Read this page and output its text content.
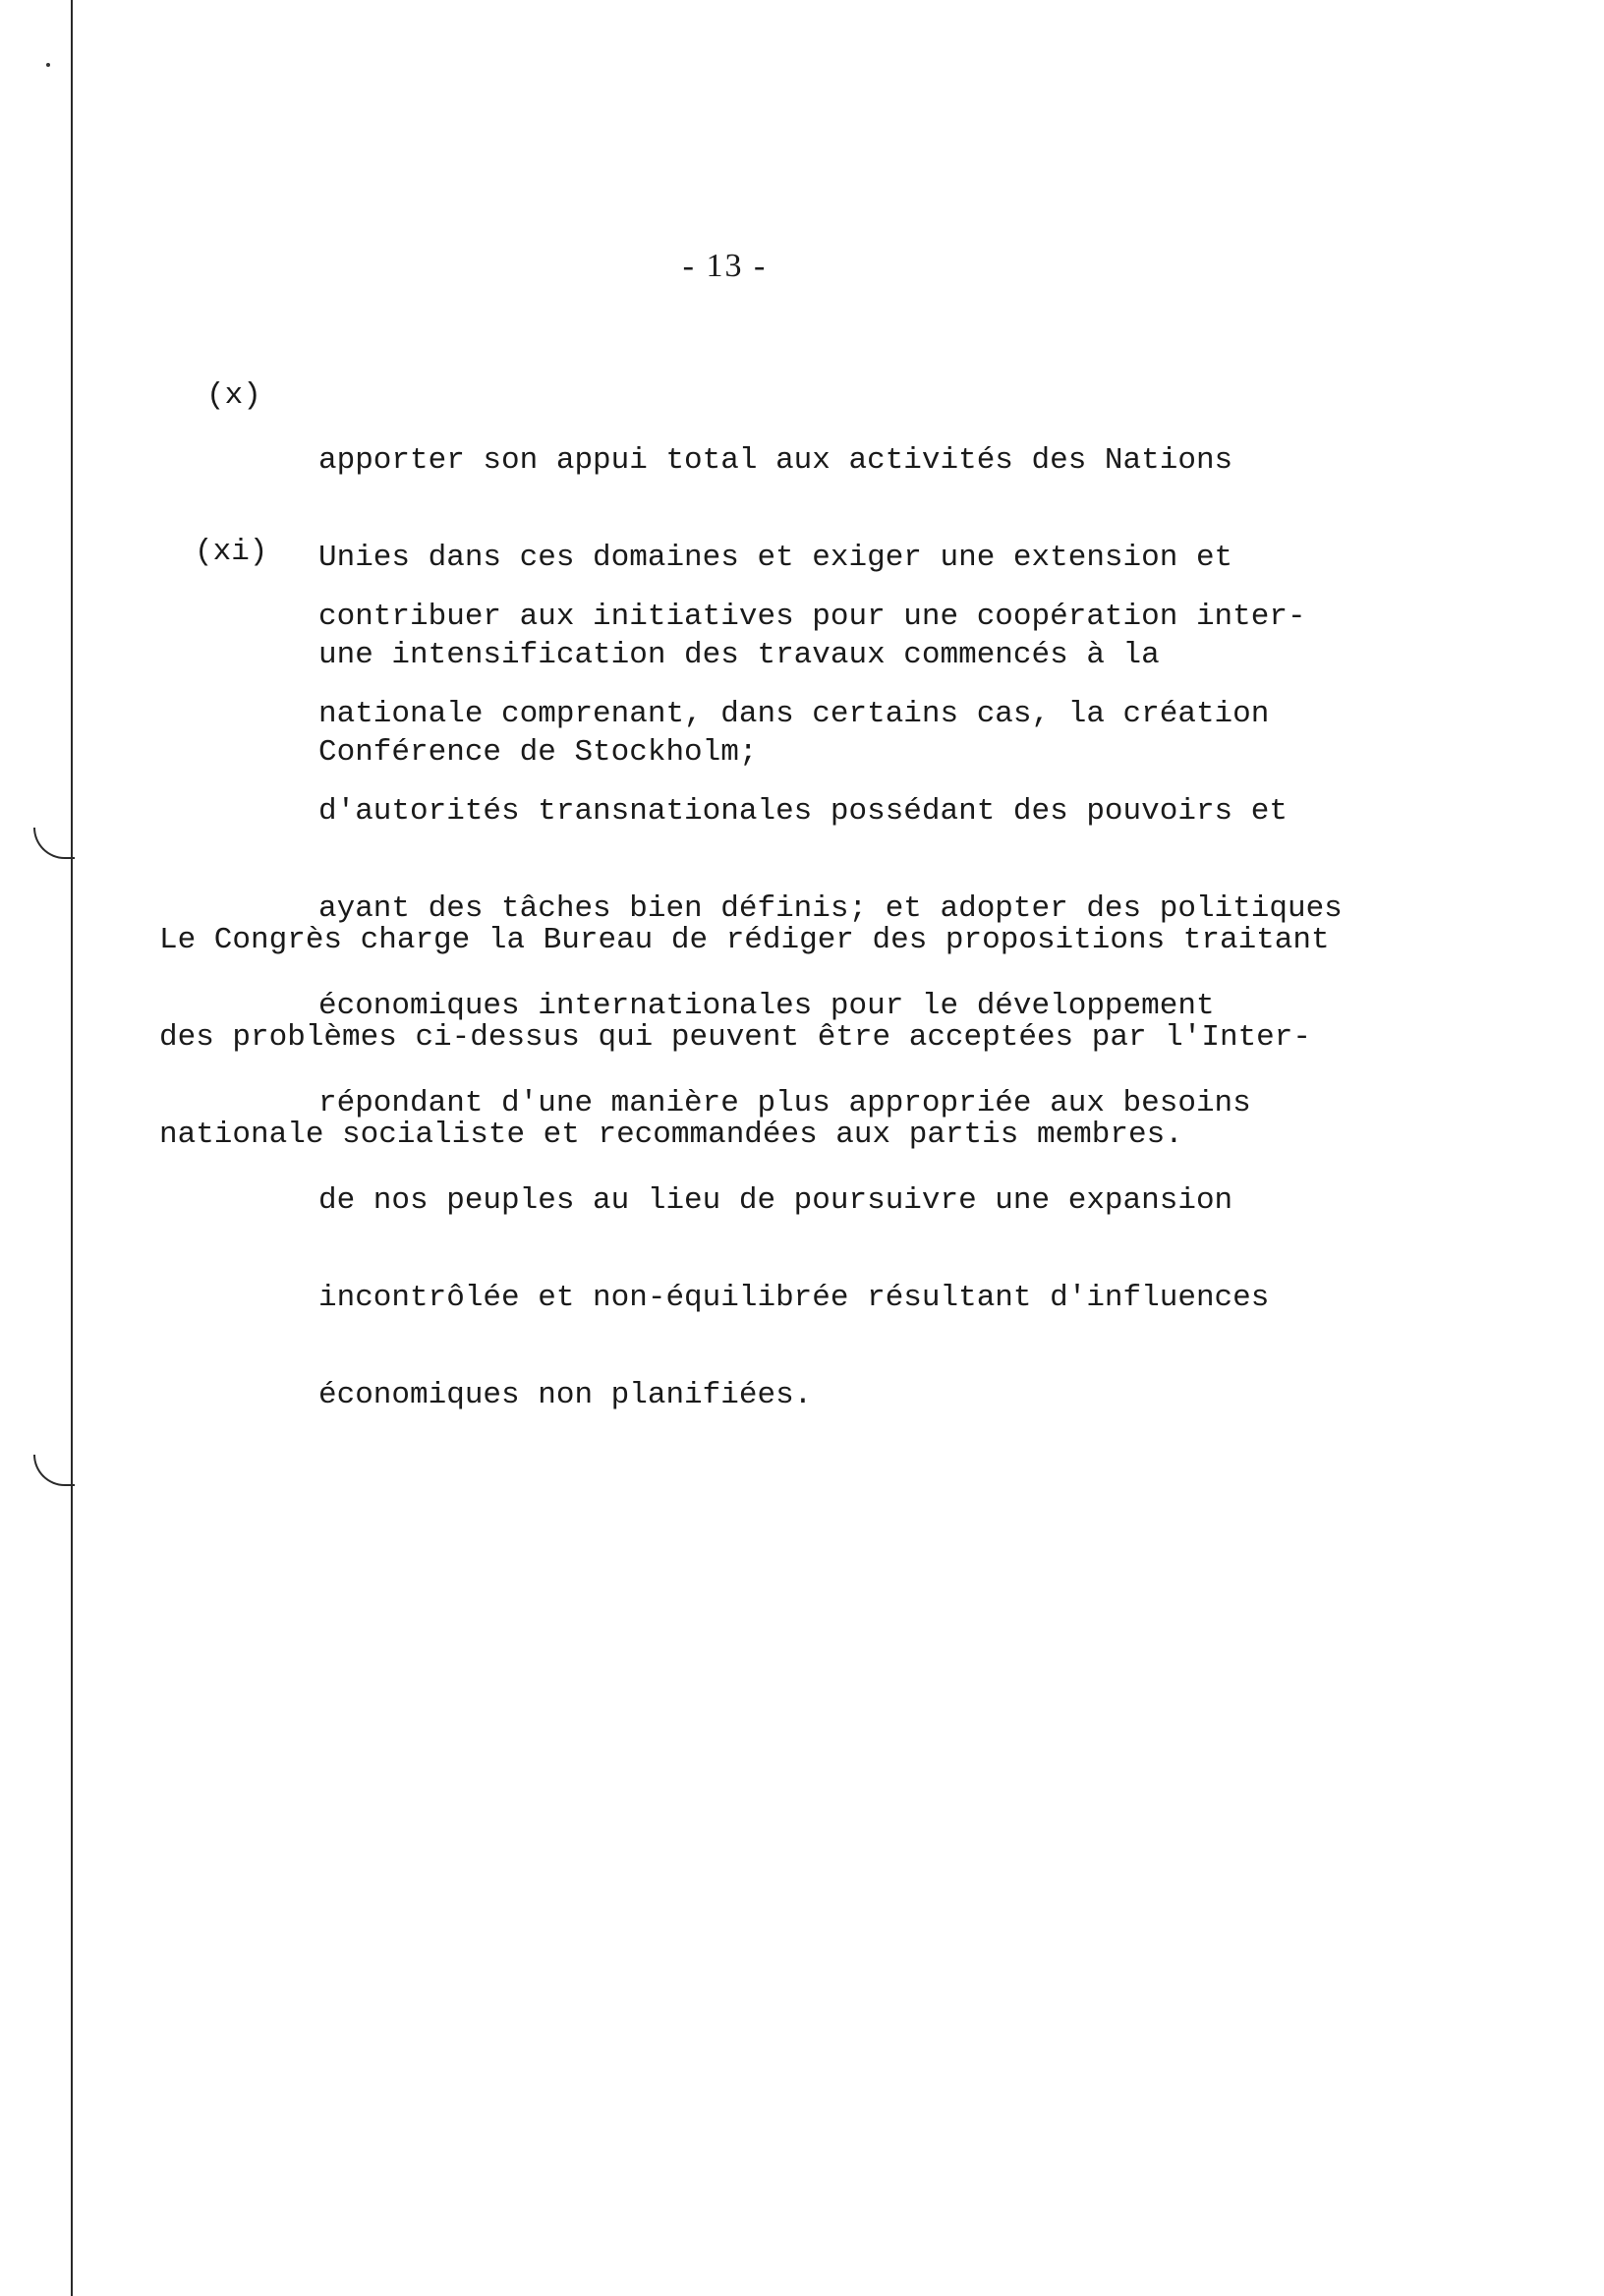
- 13 -

(x)

apporter son appui total aux activités des Nations

Unies dans ces domaines et exiger une extension et

une intensification des travaux commencés à la

Conférence de Stockholm;

(xi)

contribuer aux initiatives pour une coopération inter-

nationale comprenant, dans certains cas, la création

d'autorités transnationales possédant des pouvoirs et

ayant des tâches bien définis; et adopter des politiques

économiques internationales pour le développement

répondant d'une manière plus appropriée aux besoins

de nos peuples au lieu de poursuivre une expansion

incontrôlée et non-équilibrée résultant d'influences

économiques non planifiées.

Le Congrès charge la Bureau de rédiger des propositions traitant

des problèmes ci-dessus qui peuvent être acceptées par l'Inter-

nationale socialiste et recommandées aux partis membres.
